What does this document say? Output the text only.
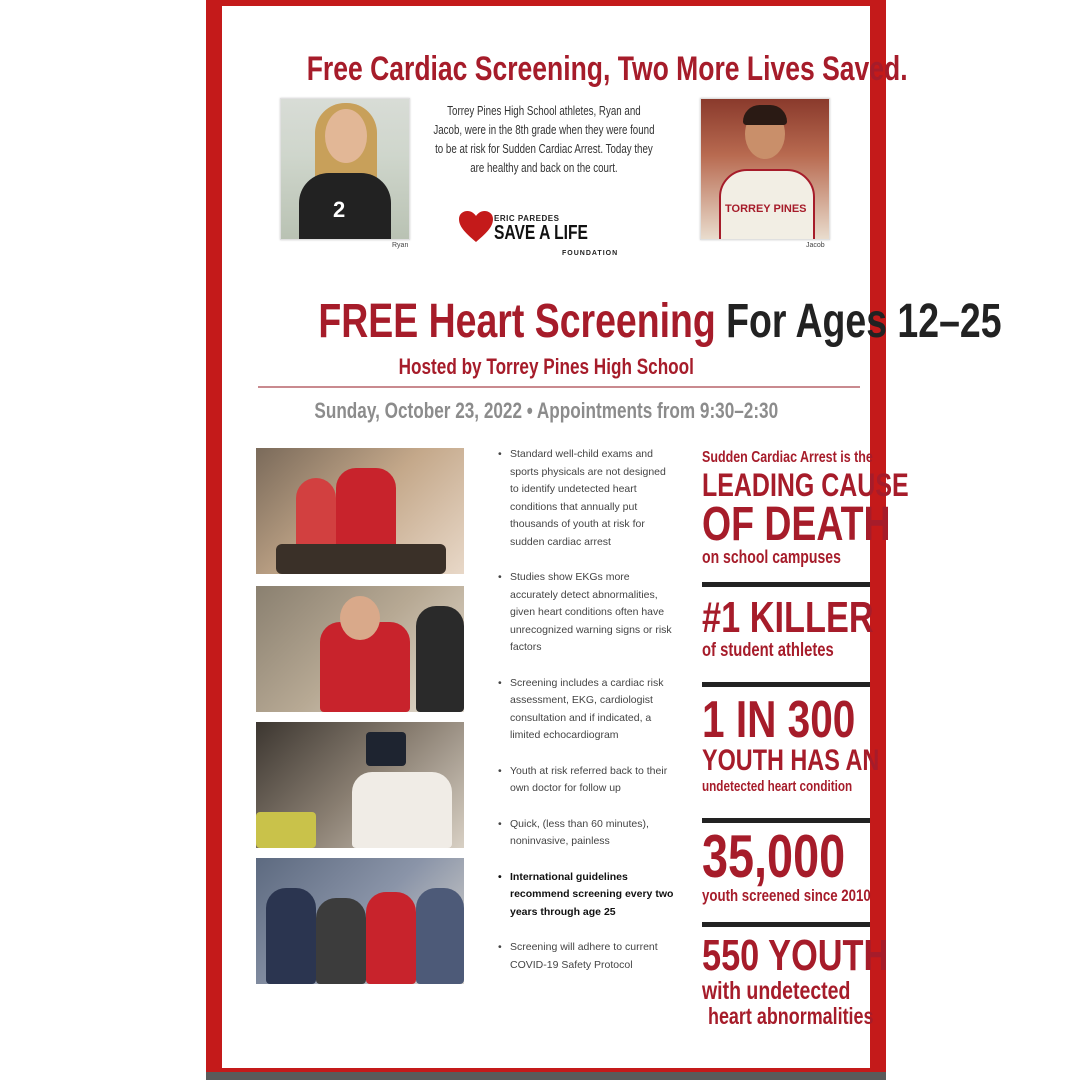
Free Cardiac Screening, Two More Lives Saved.
2
Ryan
Torrey Pines High School athletes, Ryan and Jacob, were in the 8th grade when they were found to be at risk for Sudden Cardiac Arrest. Today they are healthy and back on the court.
ERIC PAREDES
SAVE A LIFE
FOUNDATION
TORREY PINES
Jacob
FREE Heart Screening For Ages 12–25
Hosted by Torrey Pines High School
Sunday, October 23, 2022 • Appointments from 9:30–2:30
• Standard well-child exams and sports physicals are not designed to identify undetected heart conditions that annually put thousands of youth at risk for sudden cardiac arrest
• Studies show EKGs more accurately detect abnormalities, given heart conditions often have unrecognized warning signs or risk factors
• Screening includes a cardiac risk assessment, EKG, cardiologist consultation and if indicated, a limited echocardiogram
• Youth at risk referred back to their own doctor for follow up
• Quick, (less than 60 minutes), noninvasive, painless
• International guidelines recommend screening every two years through age 25
• Screening will adhere to current COVID-19 Safety Protocol
Sudden Cardiac Arrest is the
LEADING CAUSE
OF DEATH
on school campuses
#1 KILLER
of student athletes
1 IN 300
YOUTH HAS AN
undetected heart condition
35,000
youth screened since 2010
550 YOUTH
with undetected
heart abnormalities
